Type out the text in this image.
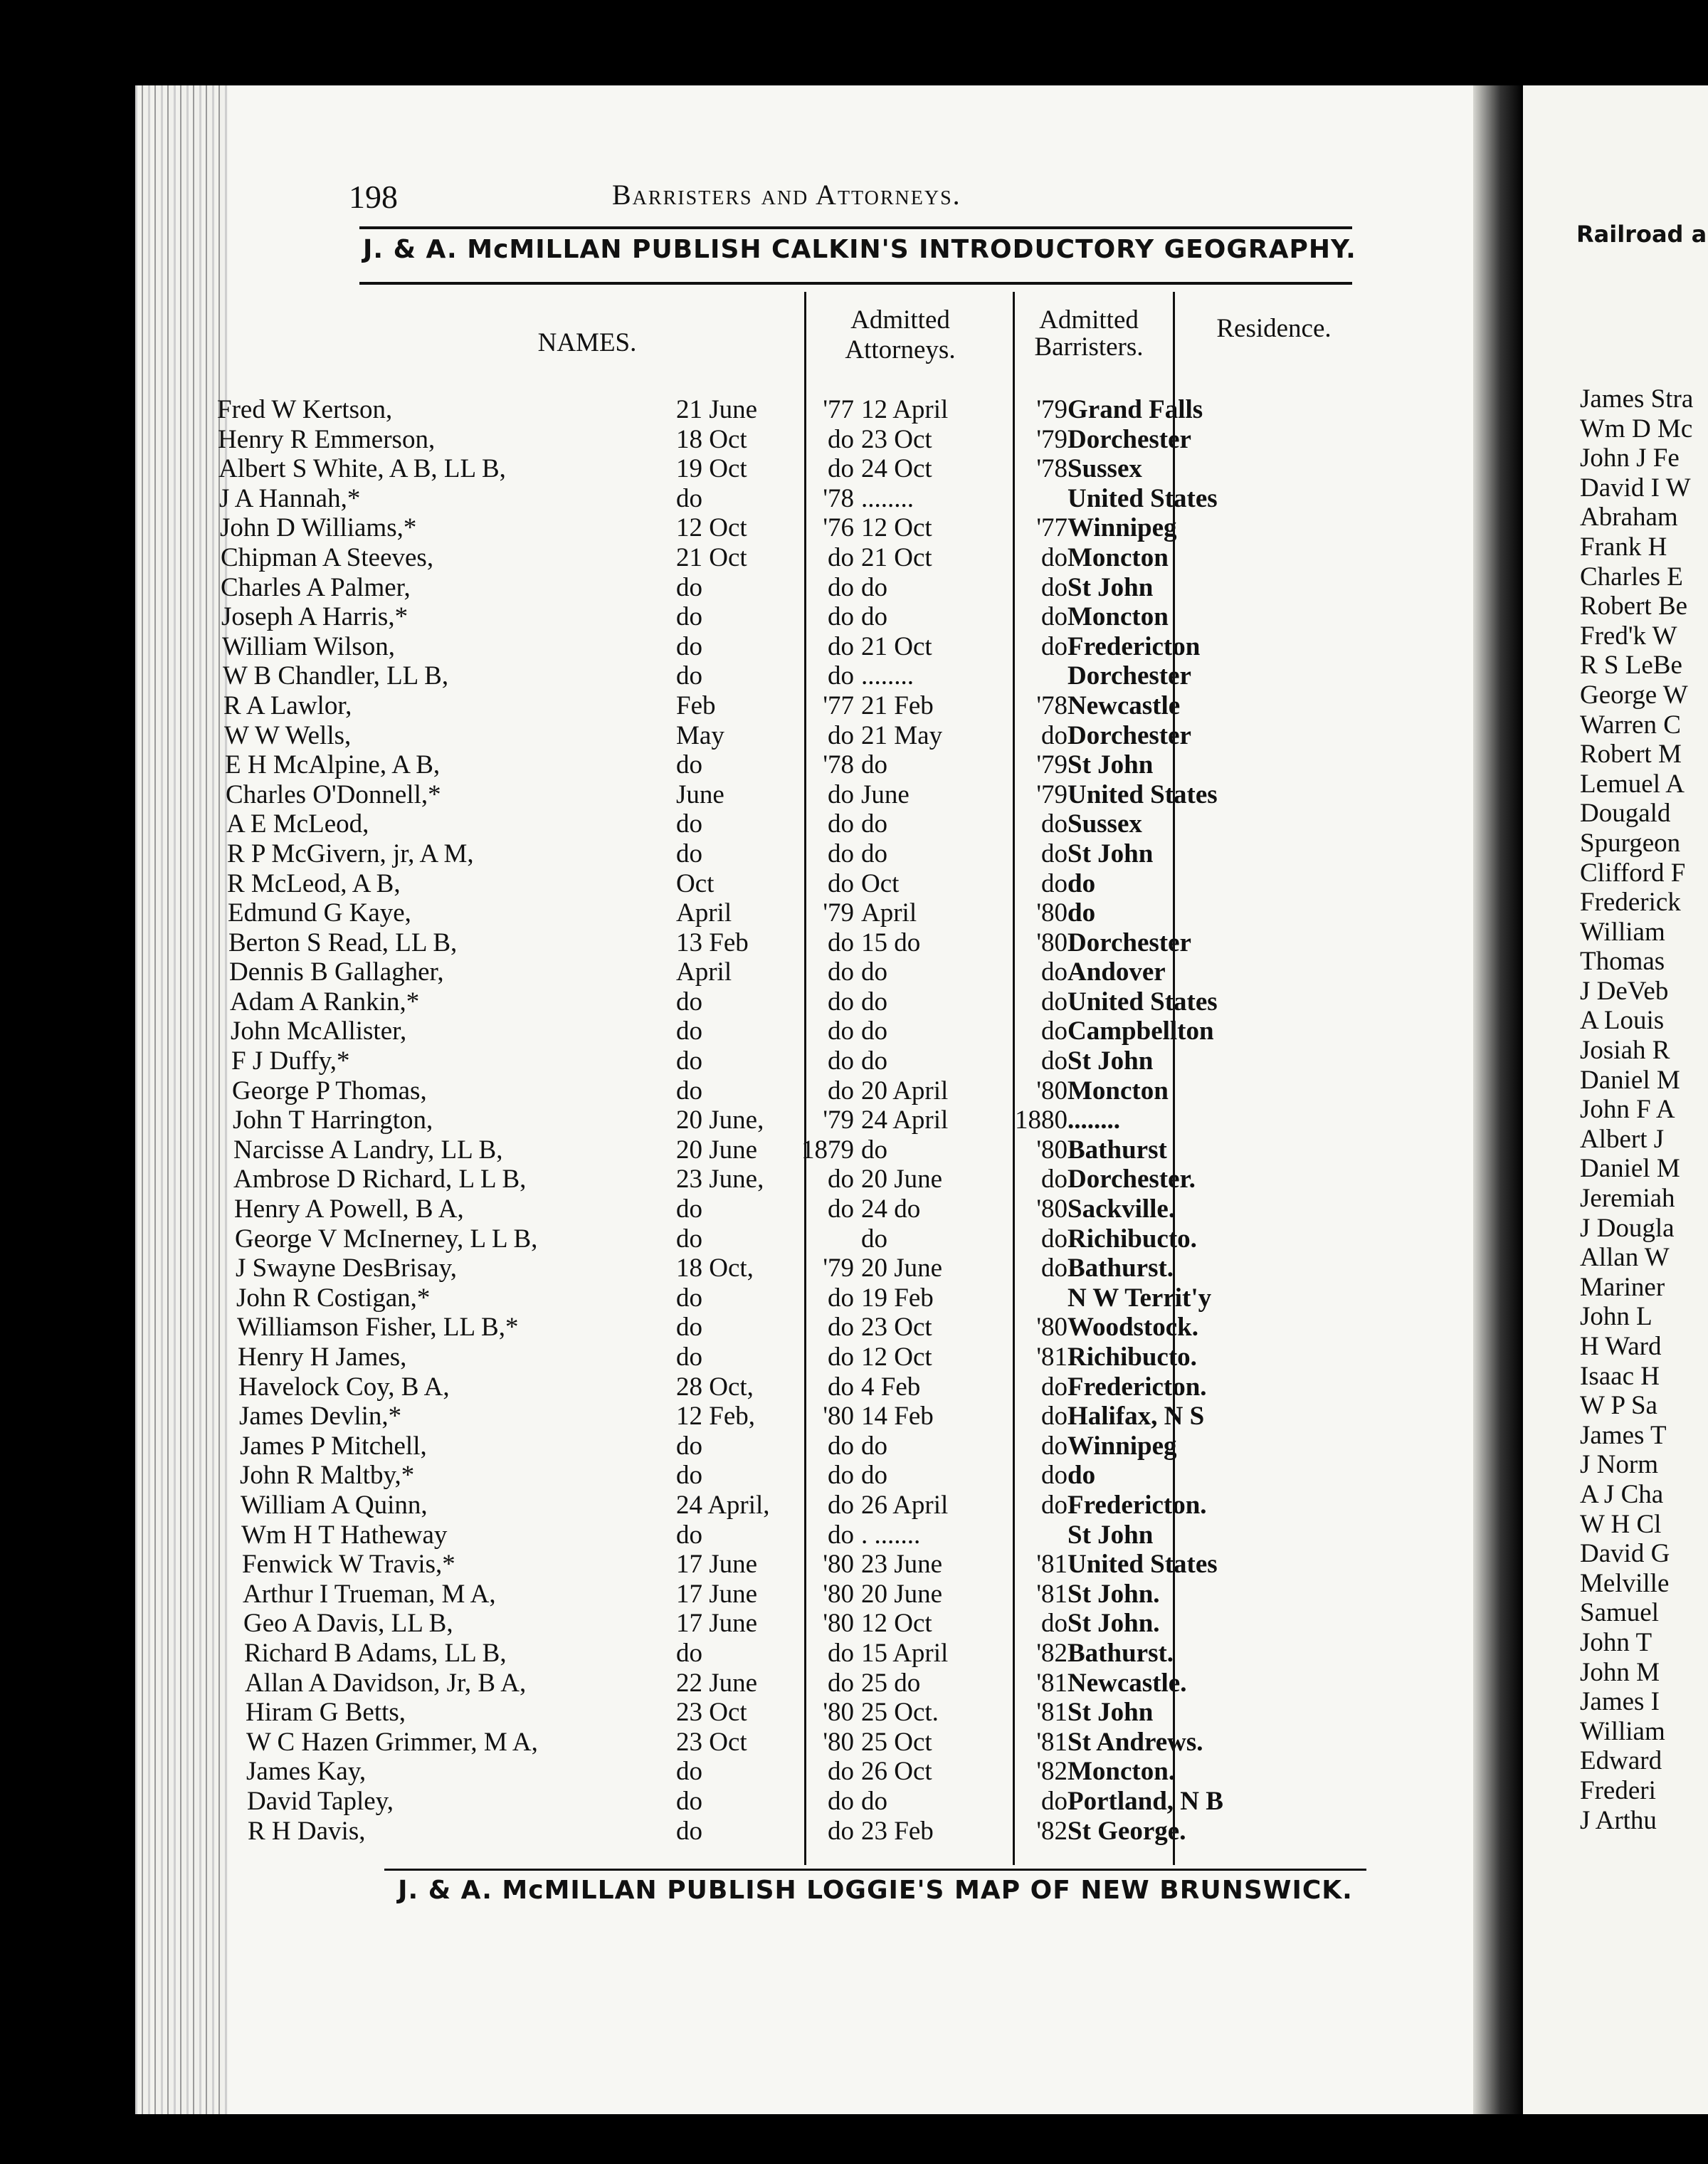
198	Barristers and Attorneys.
J. & A. McMILLAN PUBLISH CALKIN'S INTRODUCTORY GEOGRAPHY.
NAMES.
Admitted
Attorneys.
Admitted
Barristers.
Residence.
Fred W Kertson,	21 June	'77 12 April	'79 Grand Falls
Henry R Emmerson,	18 Oct	do 23 Oct	'79 Dorchester
Albert S White, A B, LL B,	19 Oct	do 24 Oct	'78 Sussex
J A Hannah,*	do	'78 ........	United States
John D Williams,*	12 Oct	'76 12 Oct	'77 Winnipeg
Chipman A Steeves,	21 Oct	do 21 Oct	do Moncton
Charles A Palmer,	do	do do	do St John
Joseph A Harris,*	do	do do	do Moncton
William Wilson,	do	do 21 Oct	do Fredericton
W B Chandler, LL B,	do	do ........	Dorchester
R A Lawlor,	Feb	'77 21 Feb	'78 Newcastle
W W Wells,	May	do 21 May	do Dorchester
E H McAlpine, A B,	do	'78 do	'79 St John
Charles O'Donnell,*	June	do June	'79 United States
A E McLeod,	do	do do	do Sussex
R P McGivern, jr, A M,	do	do do	do St John
R McLeod, A B,	Oct	do Oct	do do
Edmund G Kaye,	April	'79 April	'80 do
Berton S Read, LL B,	13 Feb	do 15 do	'80 Dorchester
Dennis B Gallagher,	April	do do	do Andover
Adam A Rankin,*	do	do do	do United States
John McAllister,	do	do do	do Campbellton
F J Duffy,*	do	do do	do St John
George P Thomas,	do	do 20 April	'80 Moncton
John T Harrington,	20 June,	'79 24 April	1880 ........
Narcisse A Landry, LL B,	20 June	1879 do	'80 Bathurst
Ambrose D Richard, L L B,	23 June,	do 20 June	do Dorchester.
Henry A Powell, B A,	do	do 24 do	'80 Sackville.
George V McInerney, L L B,	do	do	do Richibucto.
J Swayne DesBrisay,	18 Oct,	'79 20 June	do Bathurst.
John R Costigan,*	do	do 19 Feb	N W Territ'y
Williamson Fisher, LL B,*	do	do 23 Oct	'80 Woodstock.
Henry H James,	do	do 12 Oct	'81 Richibucto.
Havelock Coy, B A,	28 Oct,	do 4 Feb	do Fredericton.
James Devlin,*	12 Feb,	'80 14 Feb	do Halifax, N S
James P Mitchell,	do	do do	do Winnipeg
John R Maltby,*	do	do do	do do
William A Quinn,	24 April,	do 26 April	do Fredericton.
Wm H T Hatheway	do	do . .......	St John
Fenwick W Travis,*	17 June	'80 23 June	'81 United States
Arthur I Trueman, M A,	17 June	'80 20 June	'81 St John.
Geo A Davis, LL B,	17 June	'80 12 Oct	do St John.
Richard B Adams, LL B,	do	do 15 April	'82 Bathurst.
Allan A Davidson, Jr, B A,	22 June	do 25 do	'81 Newcastle.
Hiram G Betts,	23 Oct	'80 25 Oct.	'81 St John
W C Hazen Grimmer, M A,	23 Oct	'80 25 Oct	'81 St Andrews.
James Kay,	do	do 26 Oct	'82 Moncton.
David Tapley,	do	do do	do Portland, N B
R H Davis,	do	do 23 Feb	'82 St George.
J. & A. McMILLAN PUBLISH LOGGIE'S MAP OF NEW BRUNSWICK.
Railroad a
James Stra
Wm D Mc
John J Fe
David I W
Abraham
Frank H
Charles E
Robert Be
Fred'k W
R S LeBe
George W
Warren C
Robert M
Lemuel A
Dougald
Spurgeon
Clifford F
Frederick
William
Thomas
J DeVeb
A Louis
Josiah R
Daniel M
John F A
Albert J
Daniel M
Jeremiah
J Dougla
Allan W
Mariner
John L
H Ward
Isaac H
W P Sa
James T
J Norm
A J Cha
W H Cl
David G
Melville
Samuel
John T
John M
James I
William
Edward
Frederi
J Arthu
